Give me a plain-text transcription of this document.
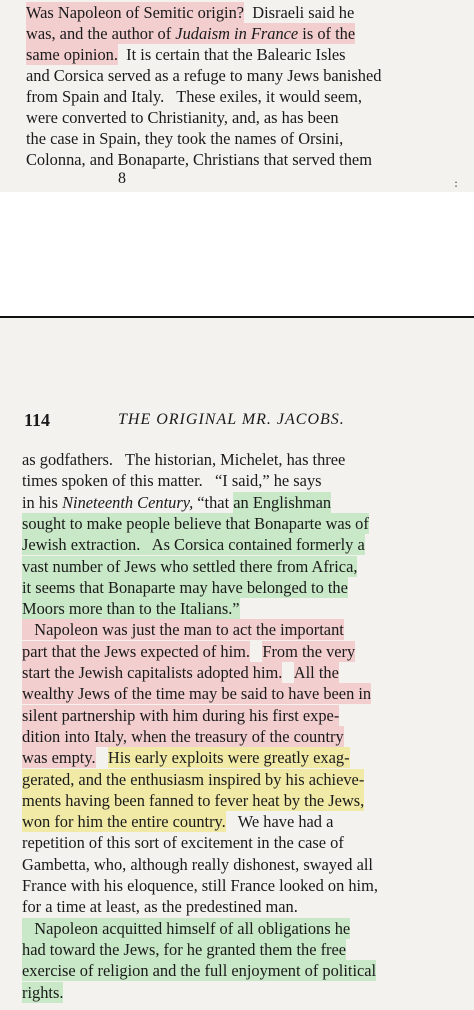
Was Napoleon of Semitic origin?  Disraeli said he
was, and the author of Judaism in France is of the
same opinion.  It is certain that the Balearic Isles
and Corsica served as a refuge to many Jews banished
from Spain and Italy.   These exiles, it would seem,
were converted to Christianity, and, as has been
the case in Spain, they took the names of Orsini,
Colonna, and Bonaparte, Christians that served them
8	:
114	THE ORIGINAL MR. JACOBS.
as godfathers.   The historian, Michelet, has three
times spoken of this matter.   “I said,” he says
in his Nineteenth Century, “that an Englishman
sought to make people believe that Bonaparte was of
Jewish extraction.   As Corsica contained formerly a
vast number of Jews who settled there from Africa,
it seems that Bonaparte may have belonged to the
Moors more than to the Italians.”
Napoleon was just the man to act the important
part that the Jews expected of him. From the very
start the Jewish capitalists adopted him. All the
wealthy Jews of the time may be said to have been in
silent partnership with him during his first expe-
dition into Italy, when the treasury of the country
was empty. His early exploits were greatly exag-
gerated, and the enthusiasm inspired by his achieve-
ments having been fanned to fever heat by the Jews,
won for him the entire country.   We have had a
repetition of this sort of excitement in the case of
Gambetta, who, although really dishonest, swayed all
France with his eloquence, still France looked on him,
for a time at least, as the predestined man.
Napoleon acquitted himself of all obligations he
had toward the Jews, for he granted them the free
exercise of religion and the full enjoyment of political
rights.
